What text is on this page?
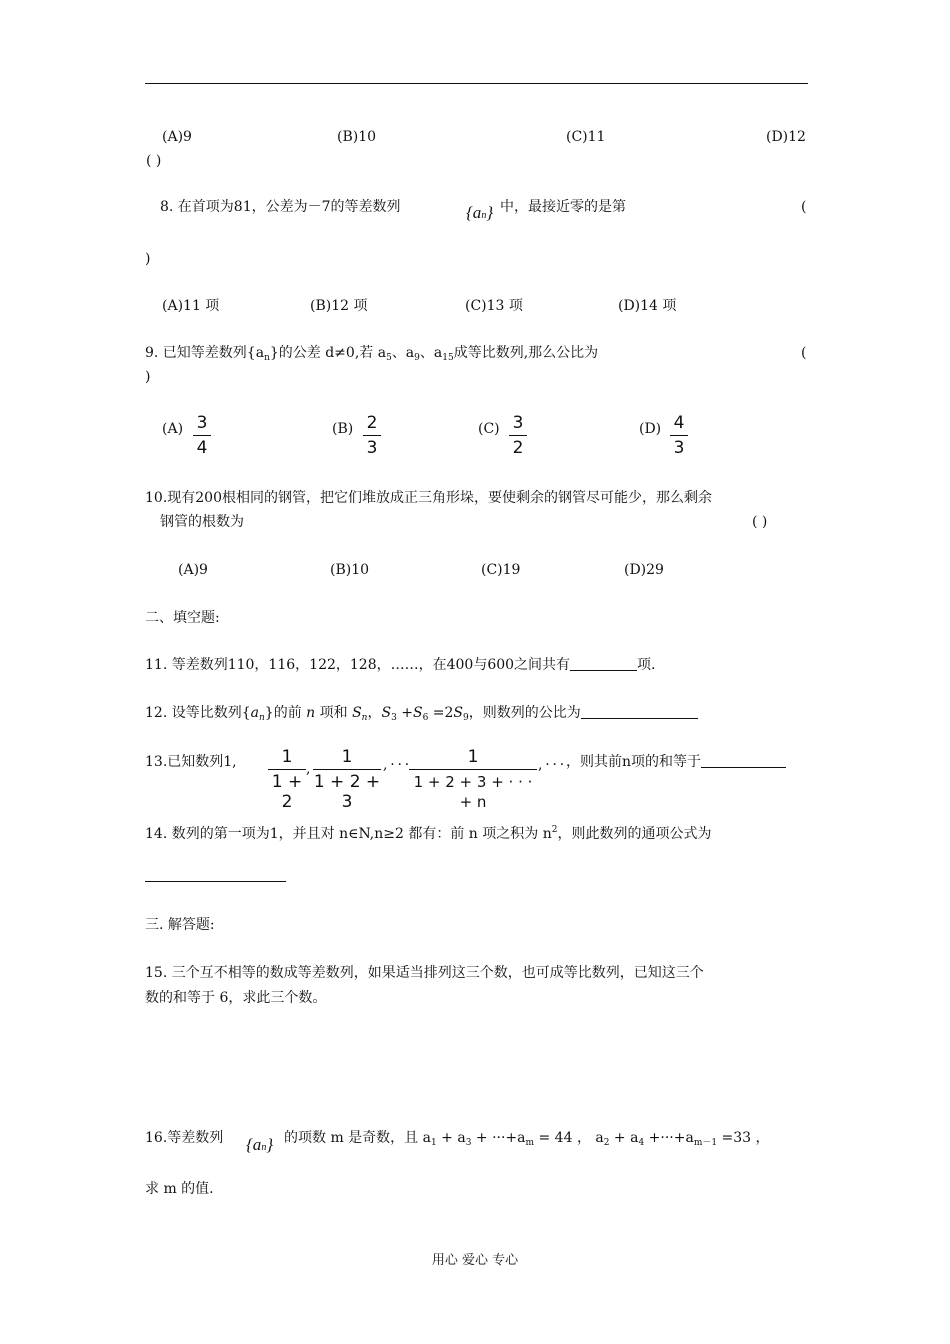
(A)9	(B)10	(C)11	(D)12
( )
8. 在首项为81，公差为－7的等差数列	{an} 中，最接近零的是第	(
)
(A)11 项	(B)12 项	(C)13 项	(D)14 项
9. 已知等差数列$\{a_n\}$的公差 d≠0,若 $a_5$、$a_9$、$a_{15}$成等比数列,那么公比为	(
)
(A) 3
4
(B) 2
3
(C) 3
2
(D) 4
3
10.现有200根相同的钢管，把它们堆放成正三角形垛，要使剩余的钢管尽可能少，那么剩余
钢管的根数为	( )
(A)9	(B)10	(C)19	(D)29
二、填空题:
11. 等差数列110，116，122，128，……，在400与600之间共有	项.
12. 设等比数列$\{a_n\}$的前 n 项和 $S_n$，$S_3 +S_6 =2S_9$，则数列的公比为
13.已知数列1,	1
1 + 2
,
1
1 + 2 + 3
, · · ·	1
1 + 2 + 3 + · · · + n
, · · · ，则其前n项的和等于
14. 数列的第一项为1，并且对 n∈N,n≥2 都有：前 n 项之积为 $n^2$，则此数列的通项公式为
三. 解答题:
15. 三个互不相等的数成等差数列，如果适当排列这三个数，也可成等比数列，已知这三个
数的和等于 6，求此三个数。
16.等差数列 {an} 的项数 m 是奇数，且 $a_1 + a_3 + \cdot\cdot\cdot+a_m = 44$ ， $a_2 + a_4 +\cdot\cdot\cdot+a_{m-1} =33$ ，
求 m 的值.
用心 爱心 专心
